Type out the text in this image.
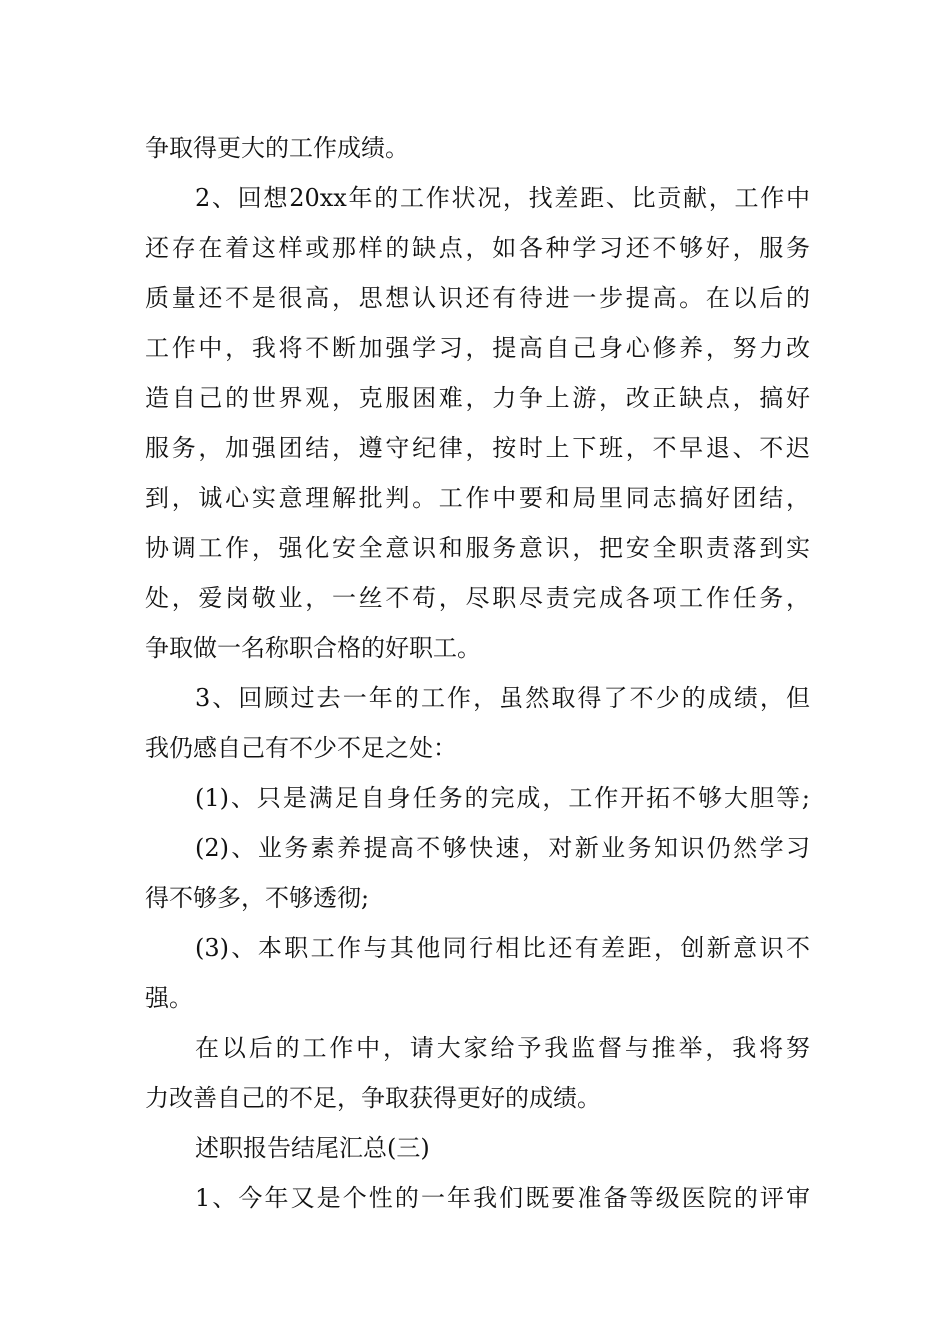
争取得更大的工作成绩。
2、回想20xx年的工作状况，找差距、比贡献，工作中
还存在着这样或那样的缺点，如各种学习还不够好，服务
质量还不是很高，思想认识还有待进一步提高。在以后的
工作中，我将不断加强学习，提高自己身心修养，努力改
造自己的世界观，克服困难，力争上游，改正缺点，搞好
服务，加强团结，遵守纪律，按时上下班，不早退、不迟
到，诚心实意理解批判。工作中要和局里同志搞好团结，
协调工作，强化安全意识和服务意识，把安全职责落到实
处，爱岗敬业，一丝不苟，尽职尽责完成各项工作任务，
争取做一名称职合格的好职工。
3、回顾过去一年的工作，虽然取得了不少的成绩，但
我仍感自己有不少不足之处：
(1)、只是满足自身任务的完成，工作开拓不够大胆等;
(2)、业务素养提高不够快速，对新业务知识仍然学习
得不够多，不够透彻;
(3)、本职工作与其他同行相比还有差距，创新意识不
强。
在以后的工作中，请大家给予我监督与推举，我将努
力改善自己的不足，争取获得更好的成绩。
述职报告结尾汇总(三)
1、今年又是个性的一年我们既要准备等级医院的评审
